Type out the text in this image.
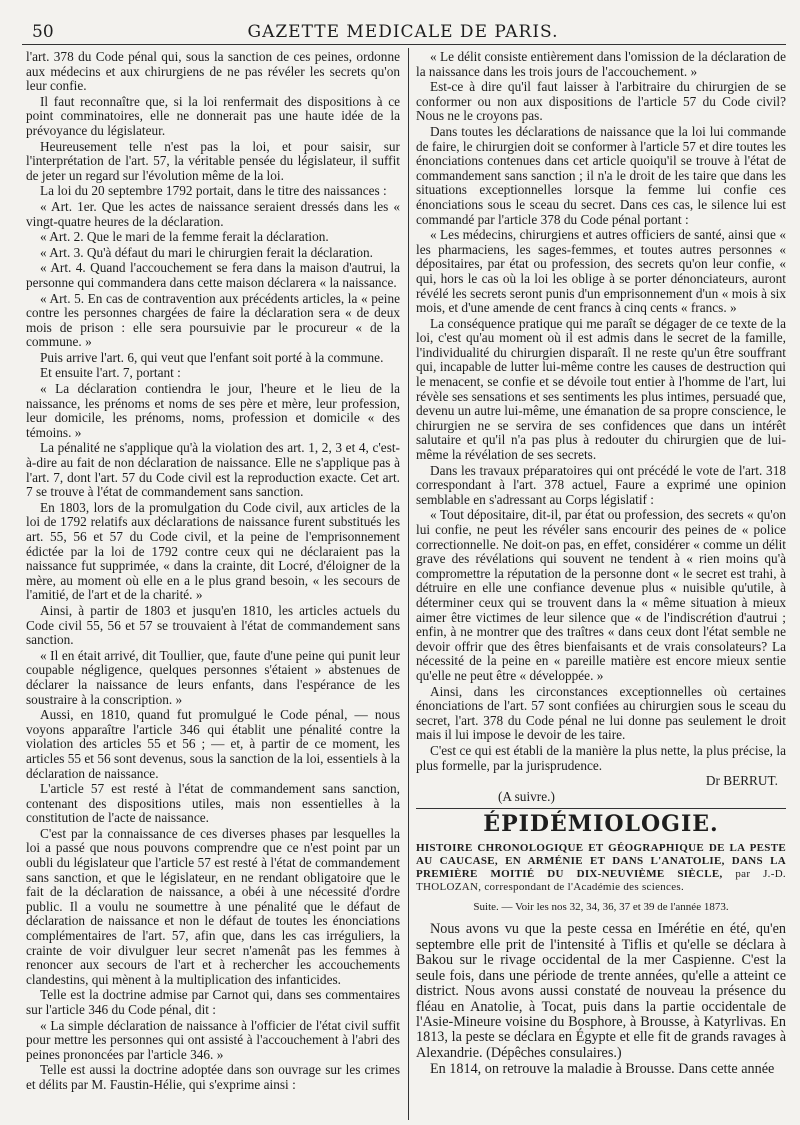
50	GAZETTE MEDICALE DE PARIS.

l'art. 378 du Code pénal qui, sous la sanction de ces peines, ordonne aux médecins et aux chirurgiens de ne pas révéler les secrets qu'on leur confie.

Il faut reconnaître que, si la loi renfermait des dispositions à ce point comminatoires, elle ne donnerait pas une haute idée de la prévoyance du législateur.

Heureusement telle n'est pas la loi, et pour saisir, sur l'interprétation de l'art. 57, la véritable pensée du législateur, il suffit de jeter un regard sur l'évolution même de la loi.

La loi du 20 septembre 1792 portait, dans le titre des naissances :

« Art. 1er. Que les actes de naissance seraient dressés dans les « vingt-quatre heures de la déclaration.

« Art. 2. Que le mari de la femme ferait la déclaration.

« Art. 3. Qu'à défaut du mari le chirurgien ferait la déclaration.

« Art. 4. Quand l'accouchement se fera dans la maison d'autrui, la personne qui commandera dans cette maison déclarera « la naissance.

« Art. 5. En cas de contravention aux précédents articles, la « peine contre les personnes chargées de faire la déclaration sera « de deux mois de prison : elle sera poursuivie par le procureur « de la commune. »

Puis arrive l'art. 6, qui veut que l'enfant soit porté à la commune.

Et ensuite l'art. 7, portant :

« La déclaration contiendra le jour, l'heure et le lieu de la naissance, les prénoms et noms de ses père et mère, leur profession, leur domicile, les prénoms, noms, profession et domicile « des témoins. »

La pénalité ne s'applique qu'à la violation des art. 1, 2, 3 et 4, c'est-à-dire au fait de non déclaration de naissance. Elle ne s'applique pas à l'art. 7, dont l'art. 57 du Code civil est la reproduction exacte. Cet art. 7 se trouve à l'état de commandement sans sanction.

En 1803, lors de la promulgation du Code civil, aux articles de la loi de 1792 relatifs aux déclarations de naissance furent substitués les art. 55, 56 et 57 du Code civil, et la peine de l'emprisonnement édictée par la loi de 1792 contre ceux qui ne déclaraient pas la naissance fut supprimée, « dans la crainte, dit Locré, d'éloigner de la mère, au moment où elle en a le plus grand besoin, « les secours de l'amitié, de l'art et de la charité. »

Ainsi, à partir de 1803 et jusqu'en 1810, les articles actuels du Code civil 55, 56 et 57 se trouvaient à l'état de commandement sans sanction.

« Il en était arrivé, dit Toullier, que, faute d'une peine qui punit leur coupable négligence, quelques personnes s'étaient » abstenues de déclarer la naissance de leurs enfants, dans l'espérance de les soustraire à la conscription. »

Aussi, en 1810, quand fut promulgué le Code pénal, — nous voyons apparaître l'article 346 qui établit une pénalité contre la violation des articles 55 et 56 ; — et, à partir de ce moment, les articles 55 et 56 sont devenus, sous la sanction de la loi, essentiels à la déclaration de naissance.

L'article 57 est resté à l'état de commandement sans sanction, contenant des dispositions utiles, mais non essentielles à la constitution de l'acte de naissance.

C'est par la connaissance de ces diverses phases par lesquelles la loi a passé que nous pouvons comprendre que ce n'est point par un oubli du législateur que l'article 57 est resté à l'état de commandement sans sanction, et que le législateur, en ne rendant obligatoire que le fait de la déclaration de naissance, a obéi à une nécessité d'ordre public. Il a voulu ne soumettre à une pénalité que le défaut de déclaration de naissance et non le défaut de toutes les énonciations complémentaires de l'art. 57, afin que, dans les cas irréguliers, la crainte de voir divulguer leur secret n'amenât pas les femmes à renoncer aux secours de l'art et à rechercher les accouchements clandestins, qui mènent à la multiplication des infanticides.

Telle est la doctrine admise par Carnot qui, dans ses commentaires sur l'article 346 du Code pénal, dit :

« La simple déclaration de naissance à l'officier de l'état civil suffit pour mettre les personnes qui ont assisté à l'accouchement à l'abri des peines prononcées par l'article 346. »

Telle est aussi la doctrine adoptée dans son ouvrage sur les crimes et délits par M. Faustin-Hélie, qui s'exprime ainsi :

« Le délit consiste entièrement dans l'omission de la déclaration de la naissance dans les trois jours de l'accouchement. »

Est-ce à dire qu'il faut laisser à l'arbitraire du chirurgien de se conformer ou non aux dispositions de l'article 57 du Code civil? Nous ne le croyons pas.

Dans toutes les déclarations de naissance que la loi lui commande de faire, le chirurgien doit se conformer à l'article 57 et dire toutes les énonciations contenues dans cet article quoiqu'il se trouve à l'état de commandement sans sanction ; il n'a le droit de les taire que dans les situations exceptionnelles lorsque la femme lui confie ces énonciations sous le sceau du secret. Dans ces cas, le silence lui est commandé par l'article 378 du Code pénal portant :

« Les médecins, chirurgiens et autres officiers de santé, ainsi que « les pharmaciens, les sages-femmes, et toutes autres personnes « dépositaires, par état ou profession, des secrets qu'on leur confie, « qui, hors le cas où la loi les oblige à se porter dénonciateurs, auront révélé les secrets seront punis d'un emprisonnement d'un « mois à six mois, et d'une amende de cent francs à cinq cents « francs. »

La conséquence pratique qui me paraît se dégager de ce texte de la loi, c'est qu'au moment où il est admis dans le secret de la famille, l'individualité du chirurgien disparaît. Il ne reste qu'un être souffrant qui, incapable de lutter lui-même contre les causes de destruction qui le menacent, se confie et se dévoile tout entier à l'homme de l'art, lui révèle ses sensations et ses sentiments les plus intimes, persuadé que, devenu un autre lui-même, une émanation de sa propre conscience, le chirurgien ne se servira de ses confidences que dans un intérêt salutaire et qu'il n'a pas plus à redouter du chirurgien que de lui-même la révélation de ses secrets.

Dans les travaux préparatoires qui ont précédé le vote de l'art. 318 correspondant à l'art. 378 actuel, Faure a exprimé une opinion semblable en s'adressant au Corps législatif :

« Tout dépositaire, dit-il, par état ou profession, des secrets « qu'on lui confie, ne peut les révéler sans encourir des peines de « police correctionnelle. Ne doit-on pas, en effet, considérer « comme un délit grave des révélations qui souvent ne tendent à « rien moins qu'à compromettre la réputation de la personne dont « le secret est trahi, à détruire en elle une confiance devenue plus « nuisible qu'utile, à déterminer ceux qui se trouvent dans la « même situation à mieux aimer être victimes de leur silence que « de l'indiscrétion d'autrui ; enfin, à ne montrer que des traîtres « dans ceux dont l'état semble ne devoir offrir que des êtres bienfaisants et de vrais consolateurs? La nécessité de la peine en « pareille matière est encore mieux sentie qu'elle ne peut être « développée. »

Ainsi, dans les circonstances exceptionnelles où certaines énonciations de l'art. 57 sont confiées au chirurgien sous le sceau du secret, l'art. 378 du Code pénal ne lui donne pas seulement le droit mais il lui impose le devoir de les taire.

C'est ce qui est établi de la manière la plus nette, la plus précise, la plus formelle, par la jurisprudence.

Dr BERRUT.

(A suivre.)

ÉPIDÉMIOLOGIE.
HISTOIRE CHRONOLOGIQUE ET GÉOGRAPHIQUE DE LA PESTE AU CAUCASE, EN ARMÉNIE ET DANS L'ANATOLIE, DANS LA PREMIÈRE MOITIÉ DU DIX-NEUVIÈME SIÈCLE, par J.-D. THOLOZAN, correspondant de l'Académie des sciences.
Suite. — Voir les nos 32, 34, 36, 37 et 39 de l'année 1873.

Nous avons vu que la peste cessa en Imérétie en été, qu'en septembre elle prit de l'intensité à Tiflis et qu'elle se déclara à Bakou sur le rivage occidental de la mer Caspienne. C'est la seule fois, dans une période de trente années, qu'elle a atteint ce district. Nous avons aussi constaté de nouveau la présence du fléau en Anatolie, à Tocat, puis dans la partie occidentale de l'Asie-Mineure voisine du Bosphore, à Brousse, à Katyrlivas. En 1813, la peste se déclara en Égypte et elle fit de grands ravages à Alexandrie. (Dépêches consulaires.)

En 1814, on retrouve la maladie à Brousse. Dans cette année
